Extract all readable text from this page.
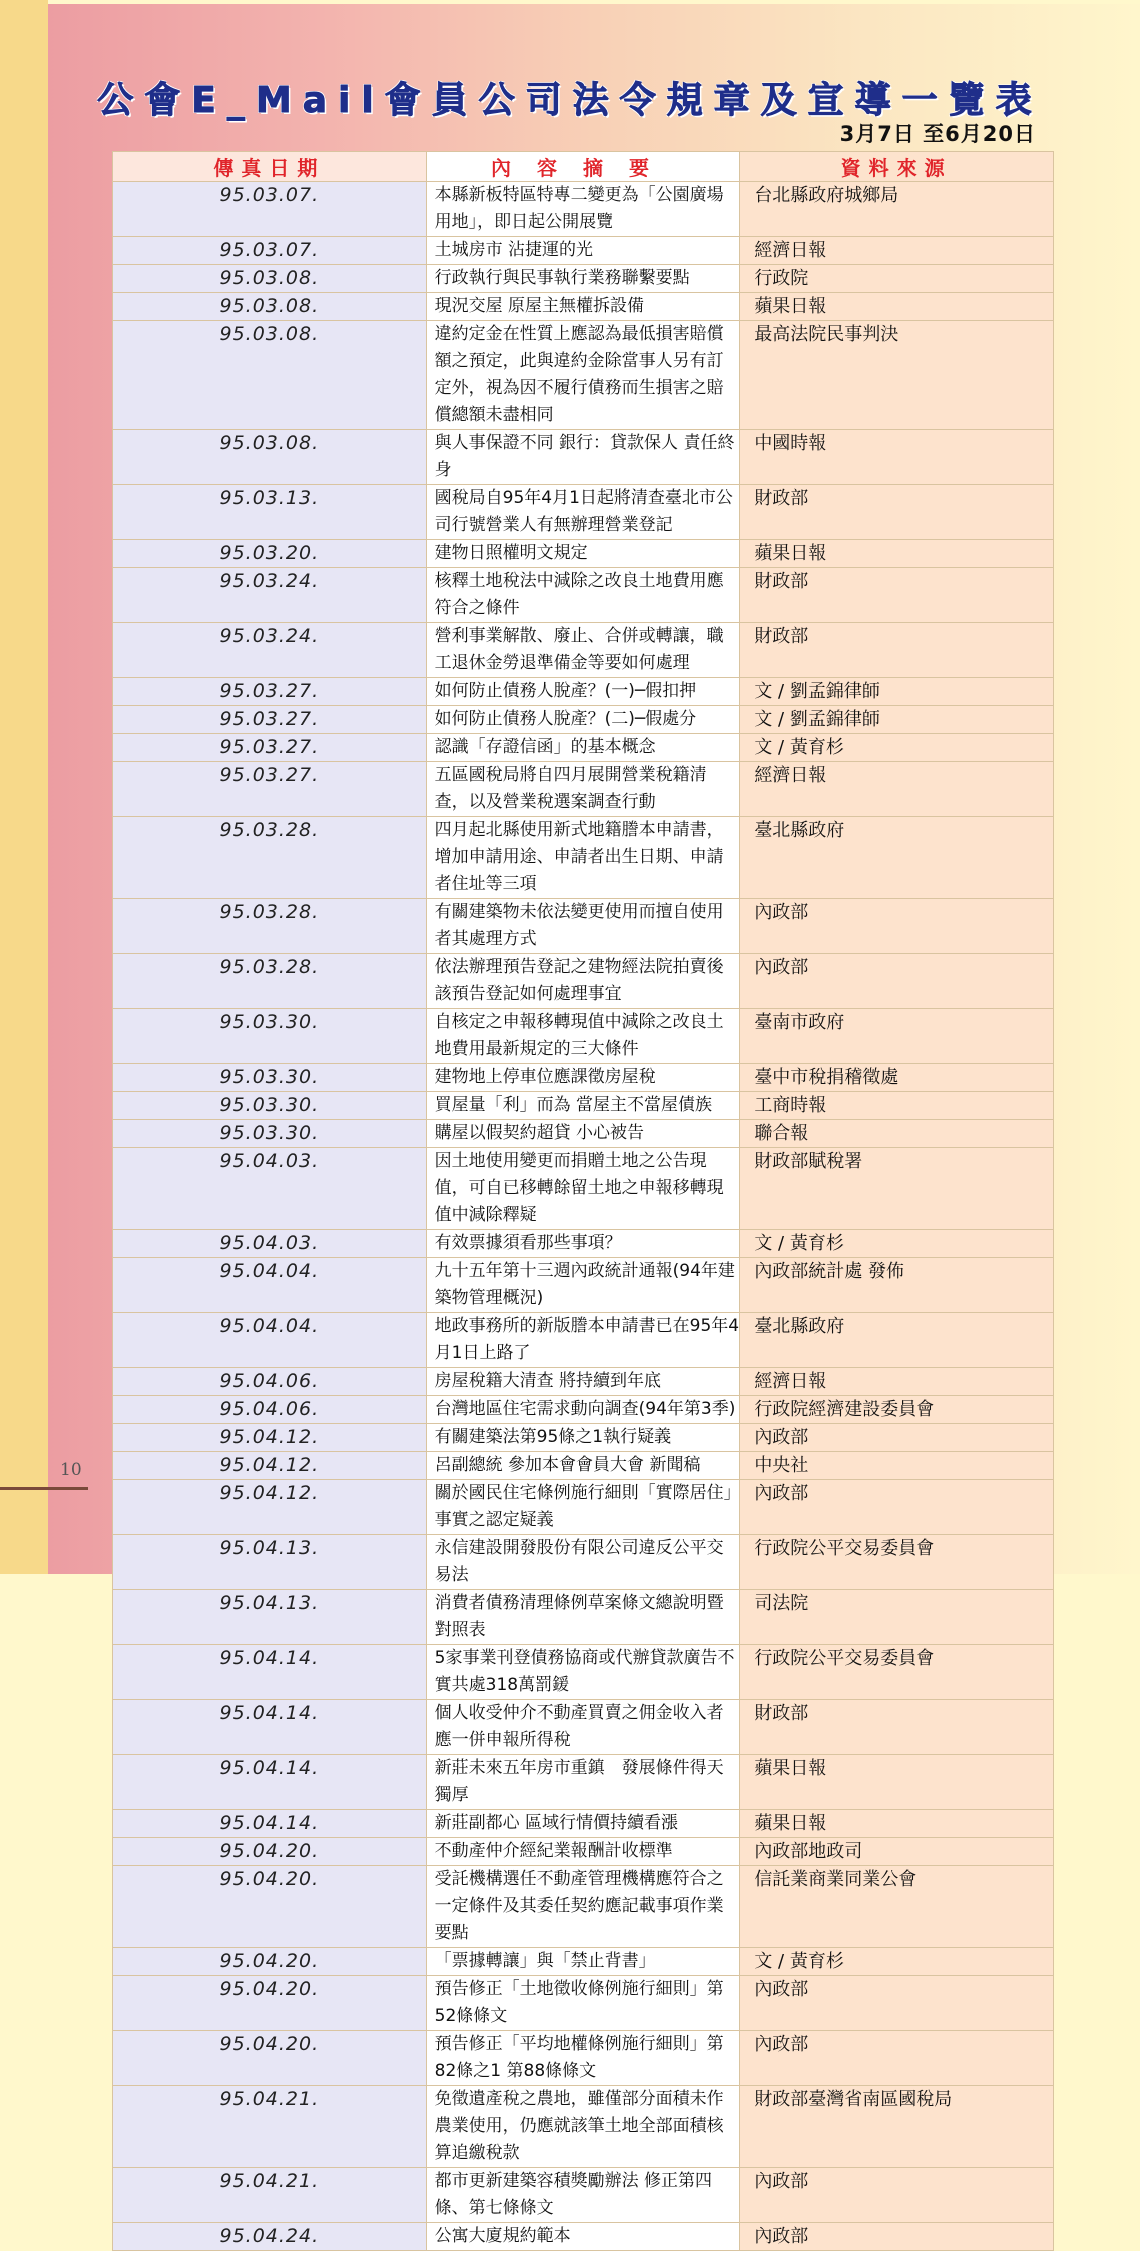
公會E_Mail會員公司法令規章及宣導一覽表
3月7日 至6月20日
傳真日期	內容摘要	資料來源
95.03.07.	本縣新板特區特專二變更為「公園廣場用地」，即日起公開展覽	台北縣政府城鄉局
95.03.07.	土城房市 沾捷運的光	經濟日報
95.03.08.	行政執行與民事執行業務聯繫要點	行政院
95.03.08.	現況交屋 原屋主無權拆設備	蘋果日報
95.03.08.	違約定金在性質上應認為最低損害賠償額之預定，此與違約金除當事人另有訂定外，視為因不履行債務而生損害之賠償總額未盡相同	最高法院民事判決
95.03.08.	與人事保證不同 銀行：貸款保人 責任終身	中國時報
95.03.13.	國稅局自95年4月1日起將清查臺北市公司行號營業人有無辦理營業登記	財政部
95.03.20.	建物日照權明文規定	蘋果日報
95.03.24.	核釋土地稅法中減除之改良土地費用應符合之條件	財政部
95.03.24.	營利事業解散、廢止、合併或轉讓，職工退休金勞退準備金等要如何處理	財政部
95.03.27.	如何防止債務人脫產？(一)─假扣押	文 / 劉孟錦律師
95.03.27.	如何防止債務人脫產？(二)─假處分	文 / 劉孟錦律師
95.03.27.	認識「存證信函」的基本概念	文 / 黃育杉
95.03.27.	五區國稅局將自四月展開營業稅籍清查，以及營業稅選案調查行動	經濟日報
95.03.28.	四月起北縣使用新式地籍謄本申請書，增加申請用途、申請者出生日期、申請者住址等三項	臺北縣政府
95.03.28.	有關建築物未依法變更使用而擅自使用者其處理方式	內政部
95.03.28.	依法辦理預告登記之建物經法院拍賣後該預告登記如何處理事宜	內政部
95.03.30.	自核定之申報移轉現值中減除之改良土地費用最新規定的三大條件	臺南市政府
95.03.30.	建物地上停車位應課徵房屋稅	臺中市稅捐稽徵處
95.03.30.	買屋量「利」而為 當屋主不當屋債族	工商時報
95.03.30.	購屋以假契約超貸 小心被告	聯合報
95.04.03.	因土地使用變更而捐贈土地之公告現值，可自已移轉餘留土地之申報移轉現值中減除釋疑	財政部賦稅署
95.04.03.	有效票據須看那些事項？	文 / 黃育杉
95.04.04.	九十五年第十三週內政統計通報(94年建築物管理概況)	內政部統計處 發佈
95.04.04.	地政事務所的新版謄本申請書已在95年4月1日上路了	臺北縣政府
95.04.06.	房屋稅籍大清查 將持續到年底	經濟日報
95.04.06.	台灣地區住宅需求動向調查(94年第3季)	行政院經濟建設委員會
95.04.12.	有關建築法第95條之1執行疑義	內政部
95.04.12.	呂副總統 參加本會會員大會 新聞稿	中央社
95.04.12.	關於國民住宅條例施行細則「實際居住」事實之認定疑義	內政部
95.04.13.	永信建設開發股份有限公司違反公平交易法	行政院公平交易委員會
95.04.13.	消費者債務清理條例草案條文總說明暨對照表	司法院
95.04.14.	5家事業刊登債務協商或代辦貸款廣告不實共處318萬罰鍰	行政院公平交易委員會
95.04.14.	個人收受仲介不動產買賣之佣金收入者應一併申報所得稅	財政部
95.04.14.	新莊未來五年房市重鎮　發展條件得天獨厚	蘋果日報
95.04.14.	新莊副都心 區域行情價持續看漲	蘋果日報
95.04.20.	不動產仲介經紀業報酬計收標準	內政部地政司
95.04.20.	受託機構選任不動產管理機構應符合之一定條件及其委任契約應記載事項作業要點	信託業商業同業公會
95.04.20.	「票據轉讓」與「禁止背書」	文 / 黃育杉
95.04.20.	預告修正「土地徵收條例施行細則」第52條條文	內政部
95.04.20.	預告修正「平均地權條例施行細則」第82條之1 第88條條文	內政部
95.04.21.	免徵遺產稅之農地，雖僅部分面積未作農業使用，仍應就該筆土地全部面積核算追繳稅款	財政部臺灣省南區國稅局
95.04.21.	都市更新建築容積獎勵辦法 修正第四條、第七條條文	內政部
95.04.24.	公寓大廈規約範本	內政部
10
